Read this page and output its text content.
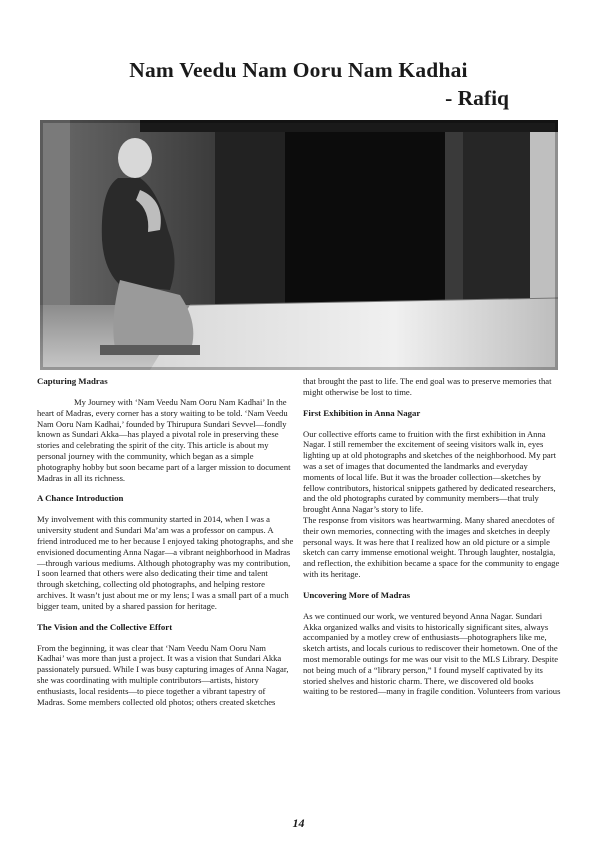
Nam Veedu Nam Ooru Nam Kadhai
- Rafiq
Capturing Madras

My Journey with ‘Nam Veedu Nam Ooru Nam Kadhai’ In the heart of Madras, every corner has a story waiting to be told. ‘Nam Veedu Nam Ooru Nam Kadhai,’ founded by Thirupura Sundari Sevvel—fondly known as Sundari Akka—has played a pivotal role in preserving these stories and celebrating the spirit of the city. This article is about my personal journey with the community, which began as a simple photography hobby but soon became part of a larger mission to document Madras in all its richness.

A Chance Introduction

My involvement with this community started in 2014, when I was a university student and Sundari Ma’am was a professor on campus. A friend introduced me to her because I enjoyed taking photographs, and she envisioned documenting Anna Nagar—a vibrant neighborhood in Madras—through various mediums. Although photography was my contribution, I soon learned that others were also dedicating their time and talent through sketching, collecting old photographs, and helping restore archives. It wasn’t just about me or my lens; I was a small part of a much bigger team, united by a shared passion for heritage.

The Vision and the Collective Effort

From the beginning, it was clear that ‘Nam Veedu Nam Ooru Nam Kadhai’ was more than just a project. It was a vision that Sundari Akka passionately pursued. While I was busy capturing images of Anna Nagar, she was coordinating with multiple contributors—artists, history enthusiasts, local residents—to piece together a vibrant tapestry of Madras. Some members collected old photos; others created sketches

that brought the past to life. The end goal was to preserve memories that might otherwise be lost to time.

First Exhibition in Anna Nagar

Our collective efforts came to fruition with the first exhibition in Anna Nagar. I still remember the excitement of seeing visitors walk in, eyes lighting up at old photographs and sketches of the neighborhood. My part was a set of images that documented the landmarks and everyday moments of local life. But it was the broader collection—sketches by fellow contributors, historical snippets gathered by dedicated researchers, and the old photographs curated by community members—that truly brought Anna Nagar’s story to life.

The response from visitors was heartwarming. Many shared anecdotes of their own memories, connecting with the images and sketches in deeply personal ways. It was here that I realized how an old picture or a simple sketch can carry immense emotional weight. Through laughter, nostalgia, and reflection, the exhibition became a space for the community to engage with its heritage.

Uncovering More of Madras

As we continued our work, we ventured beyond Anna Nagar. Sundari Akka organized walks and visits to historically significant sites, always accompanied by a motley crew of enthusiasts—photographers like me, sketch artists, and locals curious to rediscover their hometown. One of the most memorable outings for me was our visit to the MLS Library. Despite not being much of a “library person,” I found myself captivated by its storied shelves and historic charm. There, we discovered old books waiting to be restored—many in fragile condition. Volunteers from various

14
